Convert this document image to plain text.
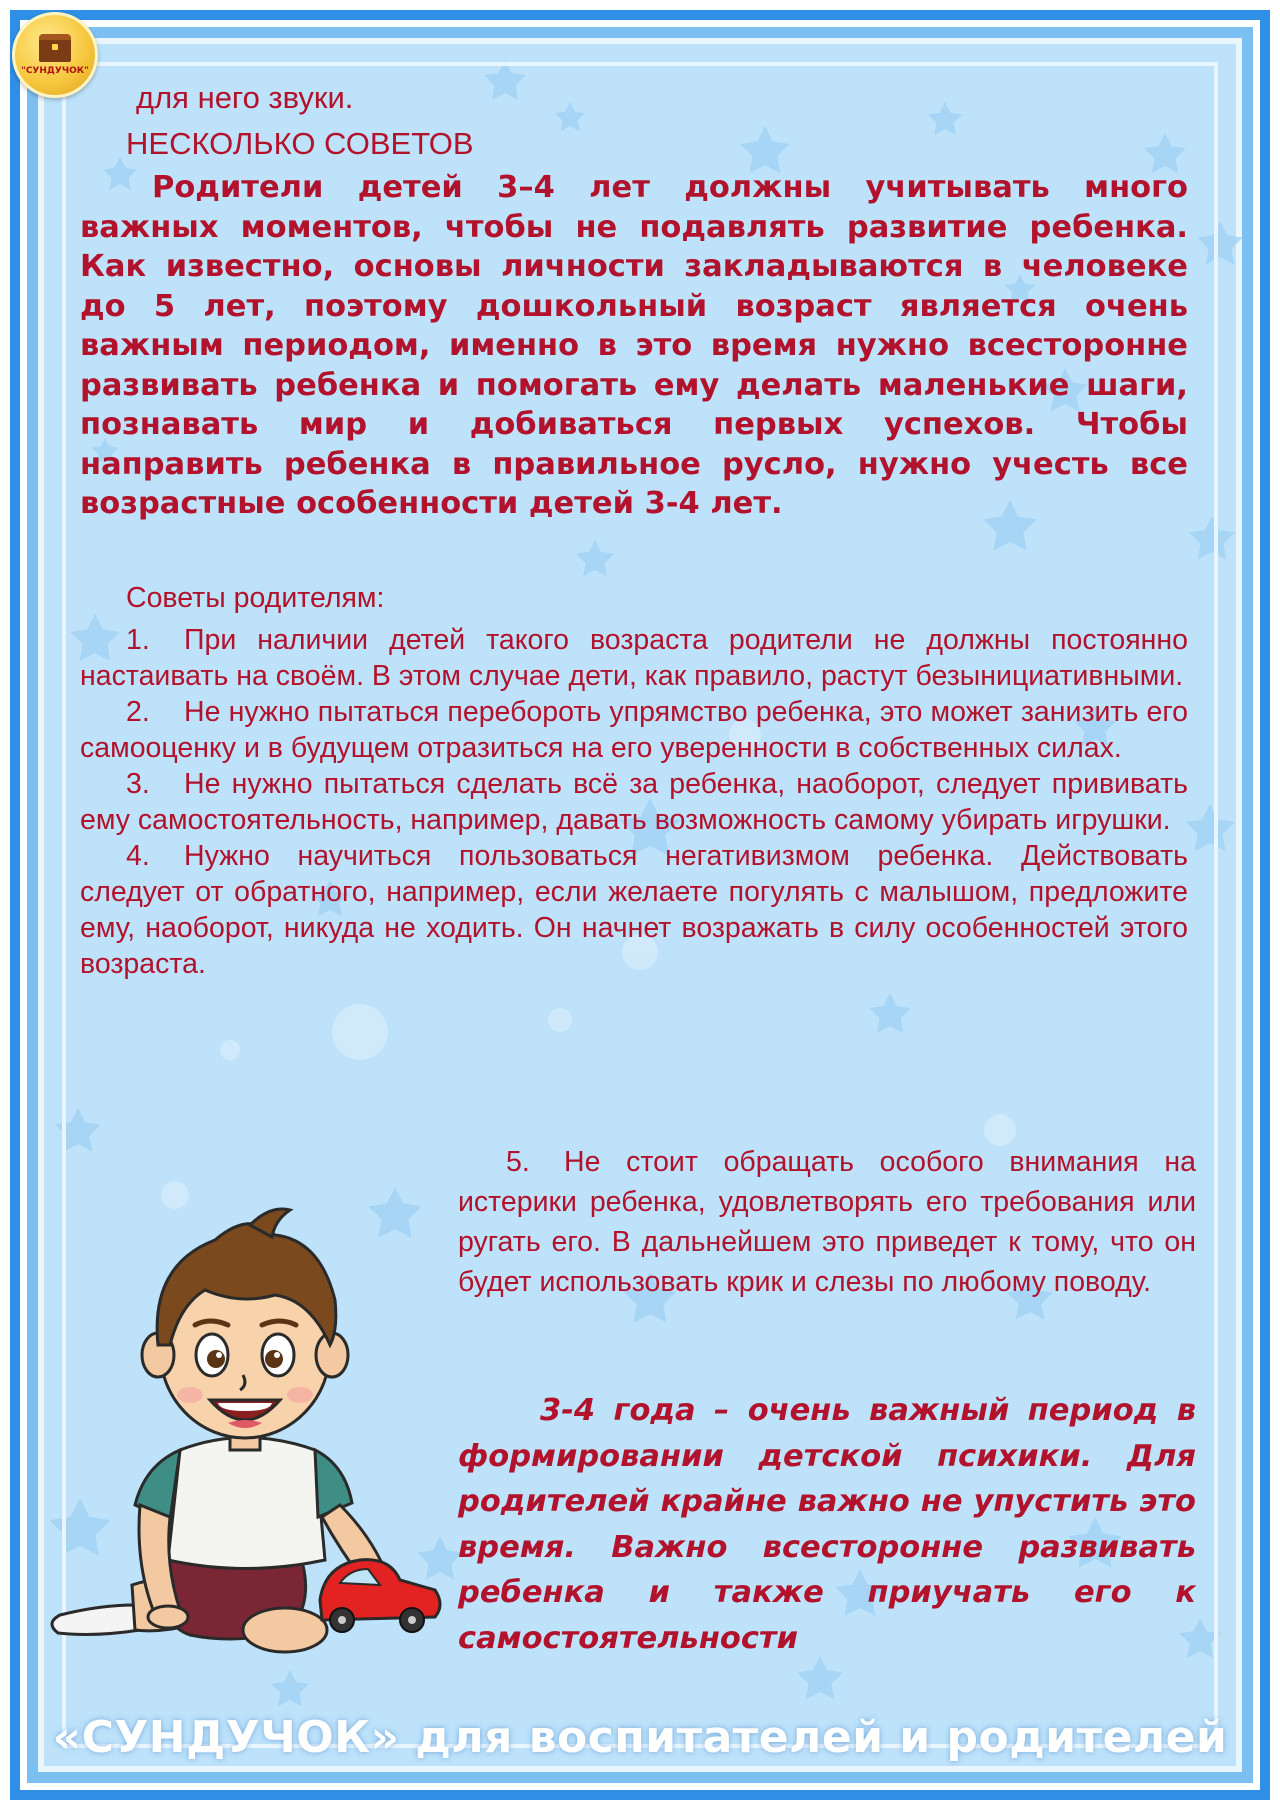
"СУНДУЧОК"
для него звуки.
НЕСКОЛЬКО СОВЕТОВ
Родители детей 3–4 лет должны учитывать много важных моментов, чтобы не подавлять развитие ребенка. Как известно, основы личности закладываются в человеке до 5 лет, поэтому дошкольный возраст является очень важным периодом, именно в это время нужно всесторонне развивать ребенка и помогать ему делать маленькие шаги, познавать мир и добиваться первых успехов. Чтобы направить ребенка в правильное русло, нужно учесть все возрастные особенности детей 3-4 лет.
Советы родителям:
1. При наличии детей такого возраста родители не должны постоянно настаивать на своём. В этом случае дети, как правило, растут безынициативными.
2. Не нужно пытаться перебороть упрямство ребенка, это может занизить его самооценку и в будущем отразиться на его уверенности в собственных силах.
3. Не нужно пытаться сделать всё за ребенка, наоборот, следует прививать ему самостоятельность, например, давать возможность самому убирать игрушки.
4. Нужно научиться пользоваться негативизмом ребенка. Действовать следует от обратного, например, если желаете погулять с малышом, предложите ему, наоборот, никуда не ходить. Он начнет возражать в силу особенностей этого возраста.
5. Не стоит обращать особого внимания на истерики ребенка, удовлетворять его требования или ругать его. В дальнейшем это приведет к тому, что он будет использовать крик и слезы по любому поводу.
3-4 года – очень важный период в формировании детской психики. Для родителей крайне важно не упустить это время. Важно всесторонне развивать ребенка и также приучать его к самостоятельности
«СУНДУЧОК» для воспитателей и родителей
